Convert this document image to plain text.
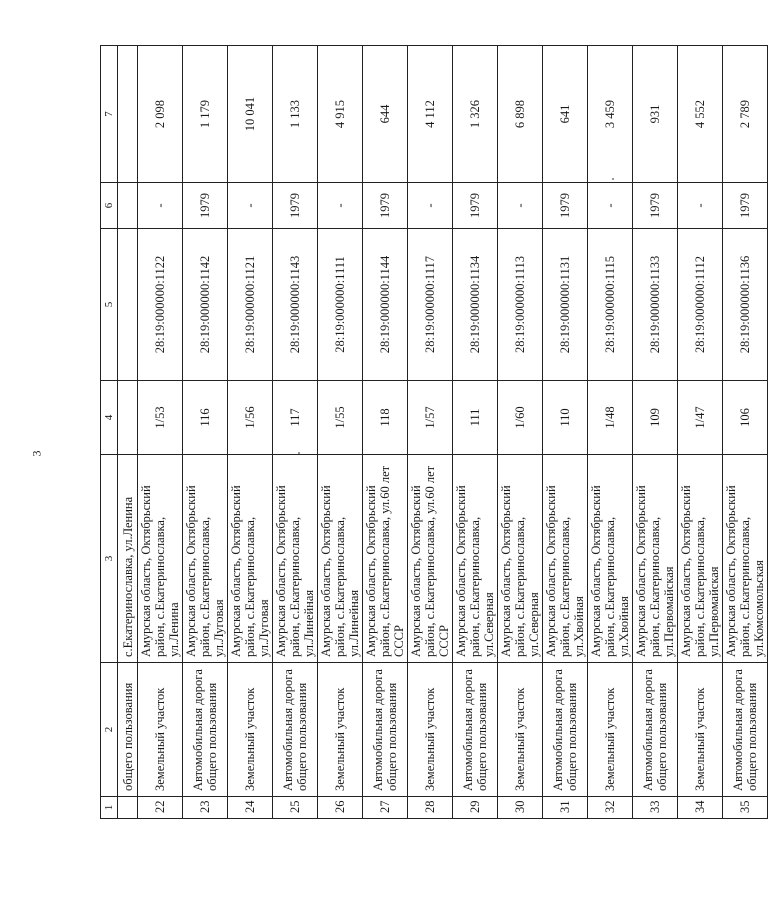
3
1	2	3	4	5	6	7
	общего пользования	с.Екатеринославка, ул.Ленина				
22	Земельный участок	Амурская область, Октябрьский район, с.Екатеринославка, ул.Ленина	1/53	28:19:000000:1122	-	2 098
23	Автомобильная дорога общего пользования	Амурская область, Октябрьский район, с.Екатеринославка, ул.Луговая	116	28:19:000000:1142	1979	1 179
24	Земельный участок	Амурская область, Октябрьский район, с.Екатеринославка, ул.Луговая	1/56	28:19:000000:1121	-	10 041
25	Автомобильная дорога общего пользования	Амурская область, Октябрьский район, с.Екатеринославка, ул.Линейная	117	28:19:000000:1143	1979	1 133
26	Земельный участок	Амурская область, Октябрьский район, с.Екатеринославка, ул.Линейная	1/55	28:19:000000:1111	-	4 915
27	Автомобильная дорога общего пользования	Амурская область, Октябрьский район, с.Екатеринославка, ул.60 лет СССР	118	28:19:000000:1144	1979	644
28	Земельный участок	Амурская область, Октябрьский район, с.Екатеринославка, ул.60 лет СССР	1/57	28:19:000000:1117	-	4 112
29	Автомобильная дорога общего пользования	Амурская область, Октябрьский район, с.Екатеринославка, ул.Северная	111	28:19:000000:1134	1979	1 326
30	Земельный участок	Амурская область, Октябрьский район, с.Екатеринославка, ул.Северная	1/60	28:19:000000:1113	-	6 898
31	Автомобильная дорога общего пользования	Амурская область, Октябрьский район, с.Екатеринославка, ул.Хвойная	110	28:19:000000:1131	1979	641
32	Земельный участок	Амурская область, Октябрьский район, с.Екатеринославка, ул.Хвойная	1/48	28:19:000000:1115	-	3 459
33	Автомобильная дорога общего пользования	Амурская область, Октябрьский район, с.Екатеринославка, ул.Первомайская	109	28:19:000000:1133	1979	931
34	Земельный участок	Амурская область, Октябрьский район, с.Екатеринославка, ул.Первомайская	1/47	28:19:000000:1112	-	4 552
35	Автомобильная дорога общего пользования	Амурская область, Октябрьский район, с.Екатеринославка, ул.Комсомольская	106	28:19:000000:1136	1979	2 789
